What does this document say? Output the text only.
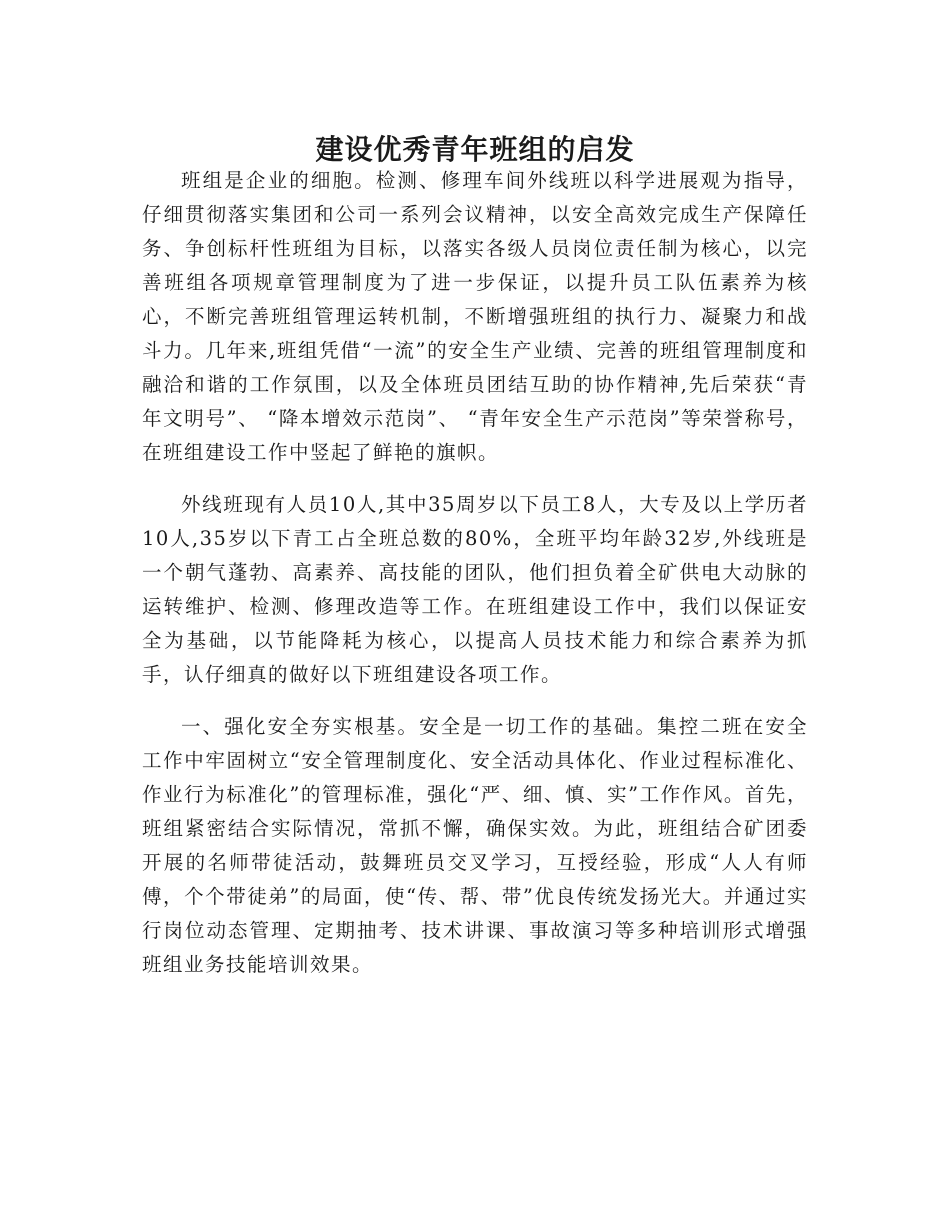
建设优秀青年班组的启发

班组是企业的细胞。检测、修理车间外线班以科学进展观为指导，仔细贯彻落实集团和公司一系列会议精神，以安全高效完成生产保障任务、争创标杆性班组为目标，以落实各级人员岗位责任制为核心，以完善班组各项规章管理制度为了进一步保证，以提升员工队伍素养为核心，不断完善班组管理运转机制，不断增强班组的执行力、凝聚力和战斗力。几年来,班组凭借“一流”的安全生产业绩、完善的班组管理制度和融洽和谐的工作氛围，以及全体班员团结互助的协作精神,先后荣获“青年文明号”、 “降本增效示范岗”、 “青年安全生产示范岗”等荣誉称号，在班组建设工作中竖起了鲜艳的旗帜。

外线班现有人员10人,其中35周岁以下员工8人，大专及以上学历者10人,35岁以下青工占全班总数的80%，全班平均年龄32岁,外线班是一个朝气蓬勃、高素养、高技能的团队，他们担负着全矿供电大动脉的运转维护、检测、修理改造等工作。在班组建设工作中，我们以保证安全为基础，以节能降耗为核心，以提高人员技术能力和综合素养为抓手，认仔细真的做好以下班组建设各项工作。

一、强化安全夯实根基。安全是一切工作的基础。集控二班在安全工作中牢固树立“安全管理制度化、安全活动具体化、作业过程标准化、作业行为标准化”的管理标准，强化“严、细、慎、实”工作作风。首先，班组紧密结合实际情况，常抓不懈，确保实效。为此，班组结合矿团委开展的名师带徒活动，鼓舞班员交叉学习，互授经验，形成“人人有师傅，个个带徒弟”的局面，使“传、帮、带”优良传统发扬光大。并通过实行岗位动态管理、定期抽考、技术讲课、事故演习等多种培训形式增强班组业务技能培训效果。
